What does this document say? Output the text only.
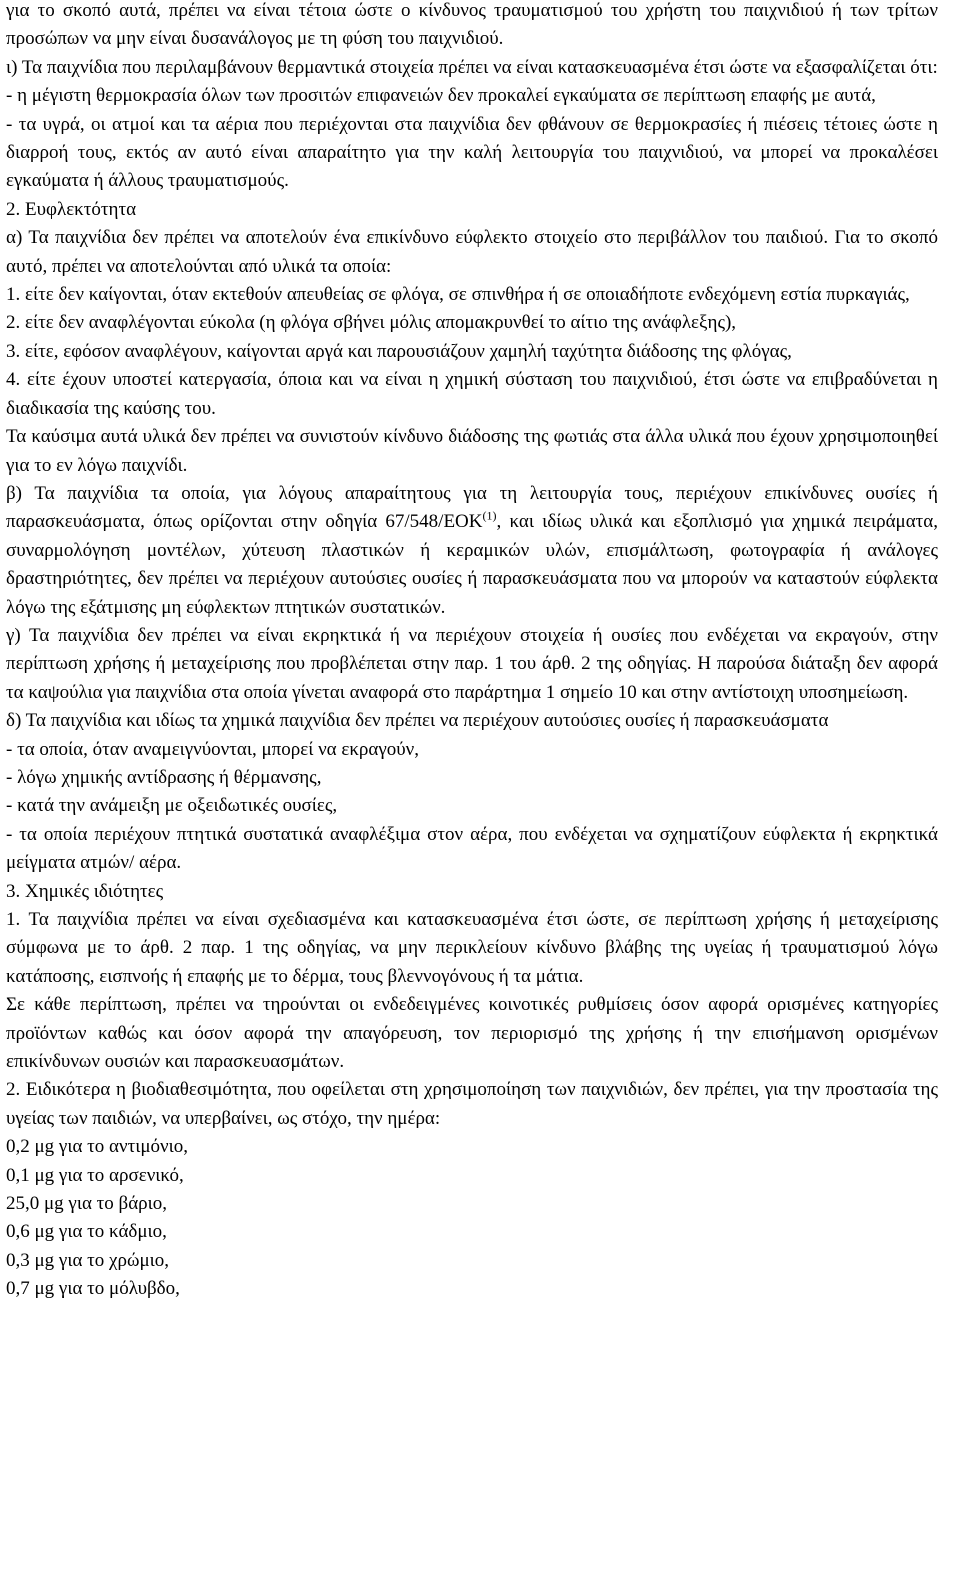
για το σκοπό αυτά, πρέπει να είναι τέτοια ώστε ο κίνδυνος τραυματισμού του χρήστη του παιχνιδιού ή των τρίτων προσώπων να μην είναι δυσανάλογος με τη φύση του παιχνιδιού.

ι) Τα παιχνίδια που περιλαμβάνουν θερμαντικά στοιχεία πρέπει να είναι κατασκευασμένα έτσι ώστε να εξασφαλίζεται ότι:

- η μέγιστη θερμοκρασία όλων των προσιτών επιφανειών δεν προκαλεί εγκαύματα σε περίπτωση επαφής με αυτά,

- τα υγρά, οι ατμοί και τα αέρια που περιέχονται στα παιχνίδια δεν φθάνουν σε θερμοκρασίες ή πιέσεις τέτοιες ώστε η διαρροή τους, εκτός αν αυτό είναι απαραίτητο για την καλή λειτουργία του παιχνιδιού, να μπορεί να προκαλέσει εγκαύματα ή άλλους τραυματισμούς.

2. Ευφλεκτότητα

α) Τα παιχνίδια δεν πρέπει να αποτελούν ένα επικίνδυνο εύφλεκτο στοιχείο στο περιβάλλον του παιδιού. Για το σκοπό αυτό, πρέπει να αποτελούνται από υλικά τα οποία:

1. είτε δεν καίγονται, όταν εκτεθούν απευθείας σε φλόγα, σε σπινθήρα ή σε οποιαδήποτε ενδεχόμενη εστία πυρκαγιάς,

2. είτε δεν αναφλέγονται εύκολα (η φλόγα σβήνει μόλις απομακρυνθεί το αίτιο της ανάφλεξης),

3. είτε, εφόσον αναφλέγουν, καίγονται αργά και παρουσιάζουν χαμηλή ταχύτητα διάδοσης της φλόγας,

4. είτε έχουν υποστεί κατεργασία, όποια και να είναι η χημική σύσταση του παιχνιδιού, έτσι ώστε να επιβραδύνεται η διαδικασία της καύσης του.

Τα καύσιμα αυτά υλικά δεν πρέπει να συνιστούν κίνδυνο διάδοσης της φωτιάς στα άλλα υλικά που έχουν χρησιμοποιηθεί για το εν λόγω παιχνίδι.

β) Τα παιχνίδια τα οποία, για λόγους απαραίτητους για τη λειτουργία τους, περιέχουν επικίνδυνες ουσίες ή παρασκευάσματα, όπως ορίζονται στην οδηγία 67/548/ΕΟΚ$^{(1)}$, και ιδίως υλικά και εξοπλισμό για χημικά πειράματα, συναρμολόγηση μοντέλων, χύτευση πλαστικών ή κεραμικών υλών, επισμάλτωση, φωτογραφία ή ανάλογες δραστηριότητες, δεν πρέπει να περιέχουν αυτούσιες ουσίες ή παρασκευάσματα που να μπορούν να καταστούν εύφλεκτα λόγω της εξάτμισης μη εύφλεκτων πτητικών συστατικών.

γ) Τα παιχνίδια δεν πρέπει να είναι εκρηκτικά ή να περιέχουν στοιχεία ή ουσίες που ενδέχεται να εκραγούν, στην περίπτωση χρήσης ή μεταχείρισης που προβλέπεται στην παρ. 1 του άρθ. 2 της οδηγίας. Η παρούσα διάταξη δεν αφορά τα καψούλια για παιχνίδια στα οποία γίνεται αναφορά στο παράρτημα 1 σημείο 10 και στην αντίστοιχη υποσημείωση.

δ) Τα παιχνίδια και ιδίως τα χημικά παιχνίδια δεν πρέπει να περιέχουν αυτούσιες ουσίες ή παρασκευάσματα

- τα οποία, όταν αναμειγνύονται, μπορεί να εκραγούν,

- λόγω χημικής αντίδρασης ή θέρμανσης,

- κατά την ανάμειξη με οξειδωτικές ουσίες,

- τα οποία περιέχουν πτητικά συστατικά αναφλέξιμα στον αέρα, που ενδέχεται να σχηματίζουν εύφλεκτα ή εκρηκτικά μείγματα ατμών/ αέρα.

3. Χημικές ιδιότητες

1. Τα παιχνίδια πρέπει να είναι σχεδιασμένα και κατασκευασμένα έτσι ώστε, σε περίπτωση χρήσης ή μεταχείρισης σύμφωνα με το άρθ. 2 παρ. 1 της οδηγίας, να μην περικλείουν κίνδυνο βλάβης της υγείας ή τραυματισμού λόγω κατάποσης, εισπνοής ή επαφής με το δέρμα, τους βλεννογόνους ή τα μάτια.

Σε κάθε περίπτωση, πρέπει να τηρούνται οι ενδεδειγμένες κοινοτικές ρυθμίσεις όσον αφορά ορισμένες κατηγορίες προϊόντων καθώς και όσον αφορά την απαγόρευση, τον περιορισμό της χρήσης ή την επισήμανση ορισμένων επικίνδυνων ουσιών και παρασκευασμάτων.

2. Ειδικότερα η βιοδιαθεσιμότητα, που οφείλεται στη χρησιμοποίηση των παιχνιδιών, δεν πρέπει, για την προστασία της υγείας των παιδιών, να υπερβαίνει, ως στόχο, την ημέρα:

0,2 μg για το αντιμόνιο,

0,1 μg για το αρσενικό,

25,0 μg για το βάριο,

0,6 μg για το κάδμιο,

0,3 μg για το χρώμιο,

0,7 μg για το μόλυβδο,
